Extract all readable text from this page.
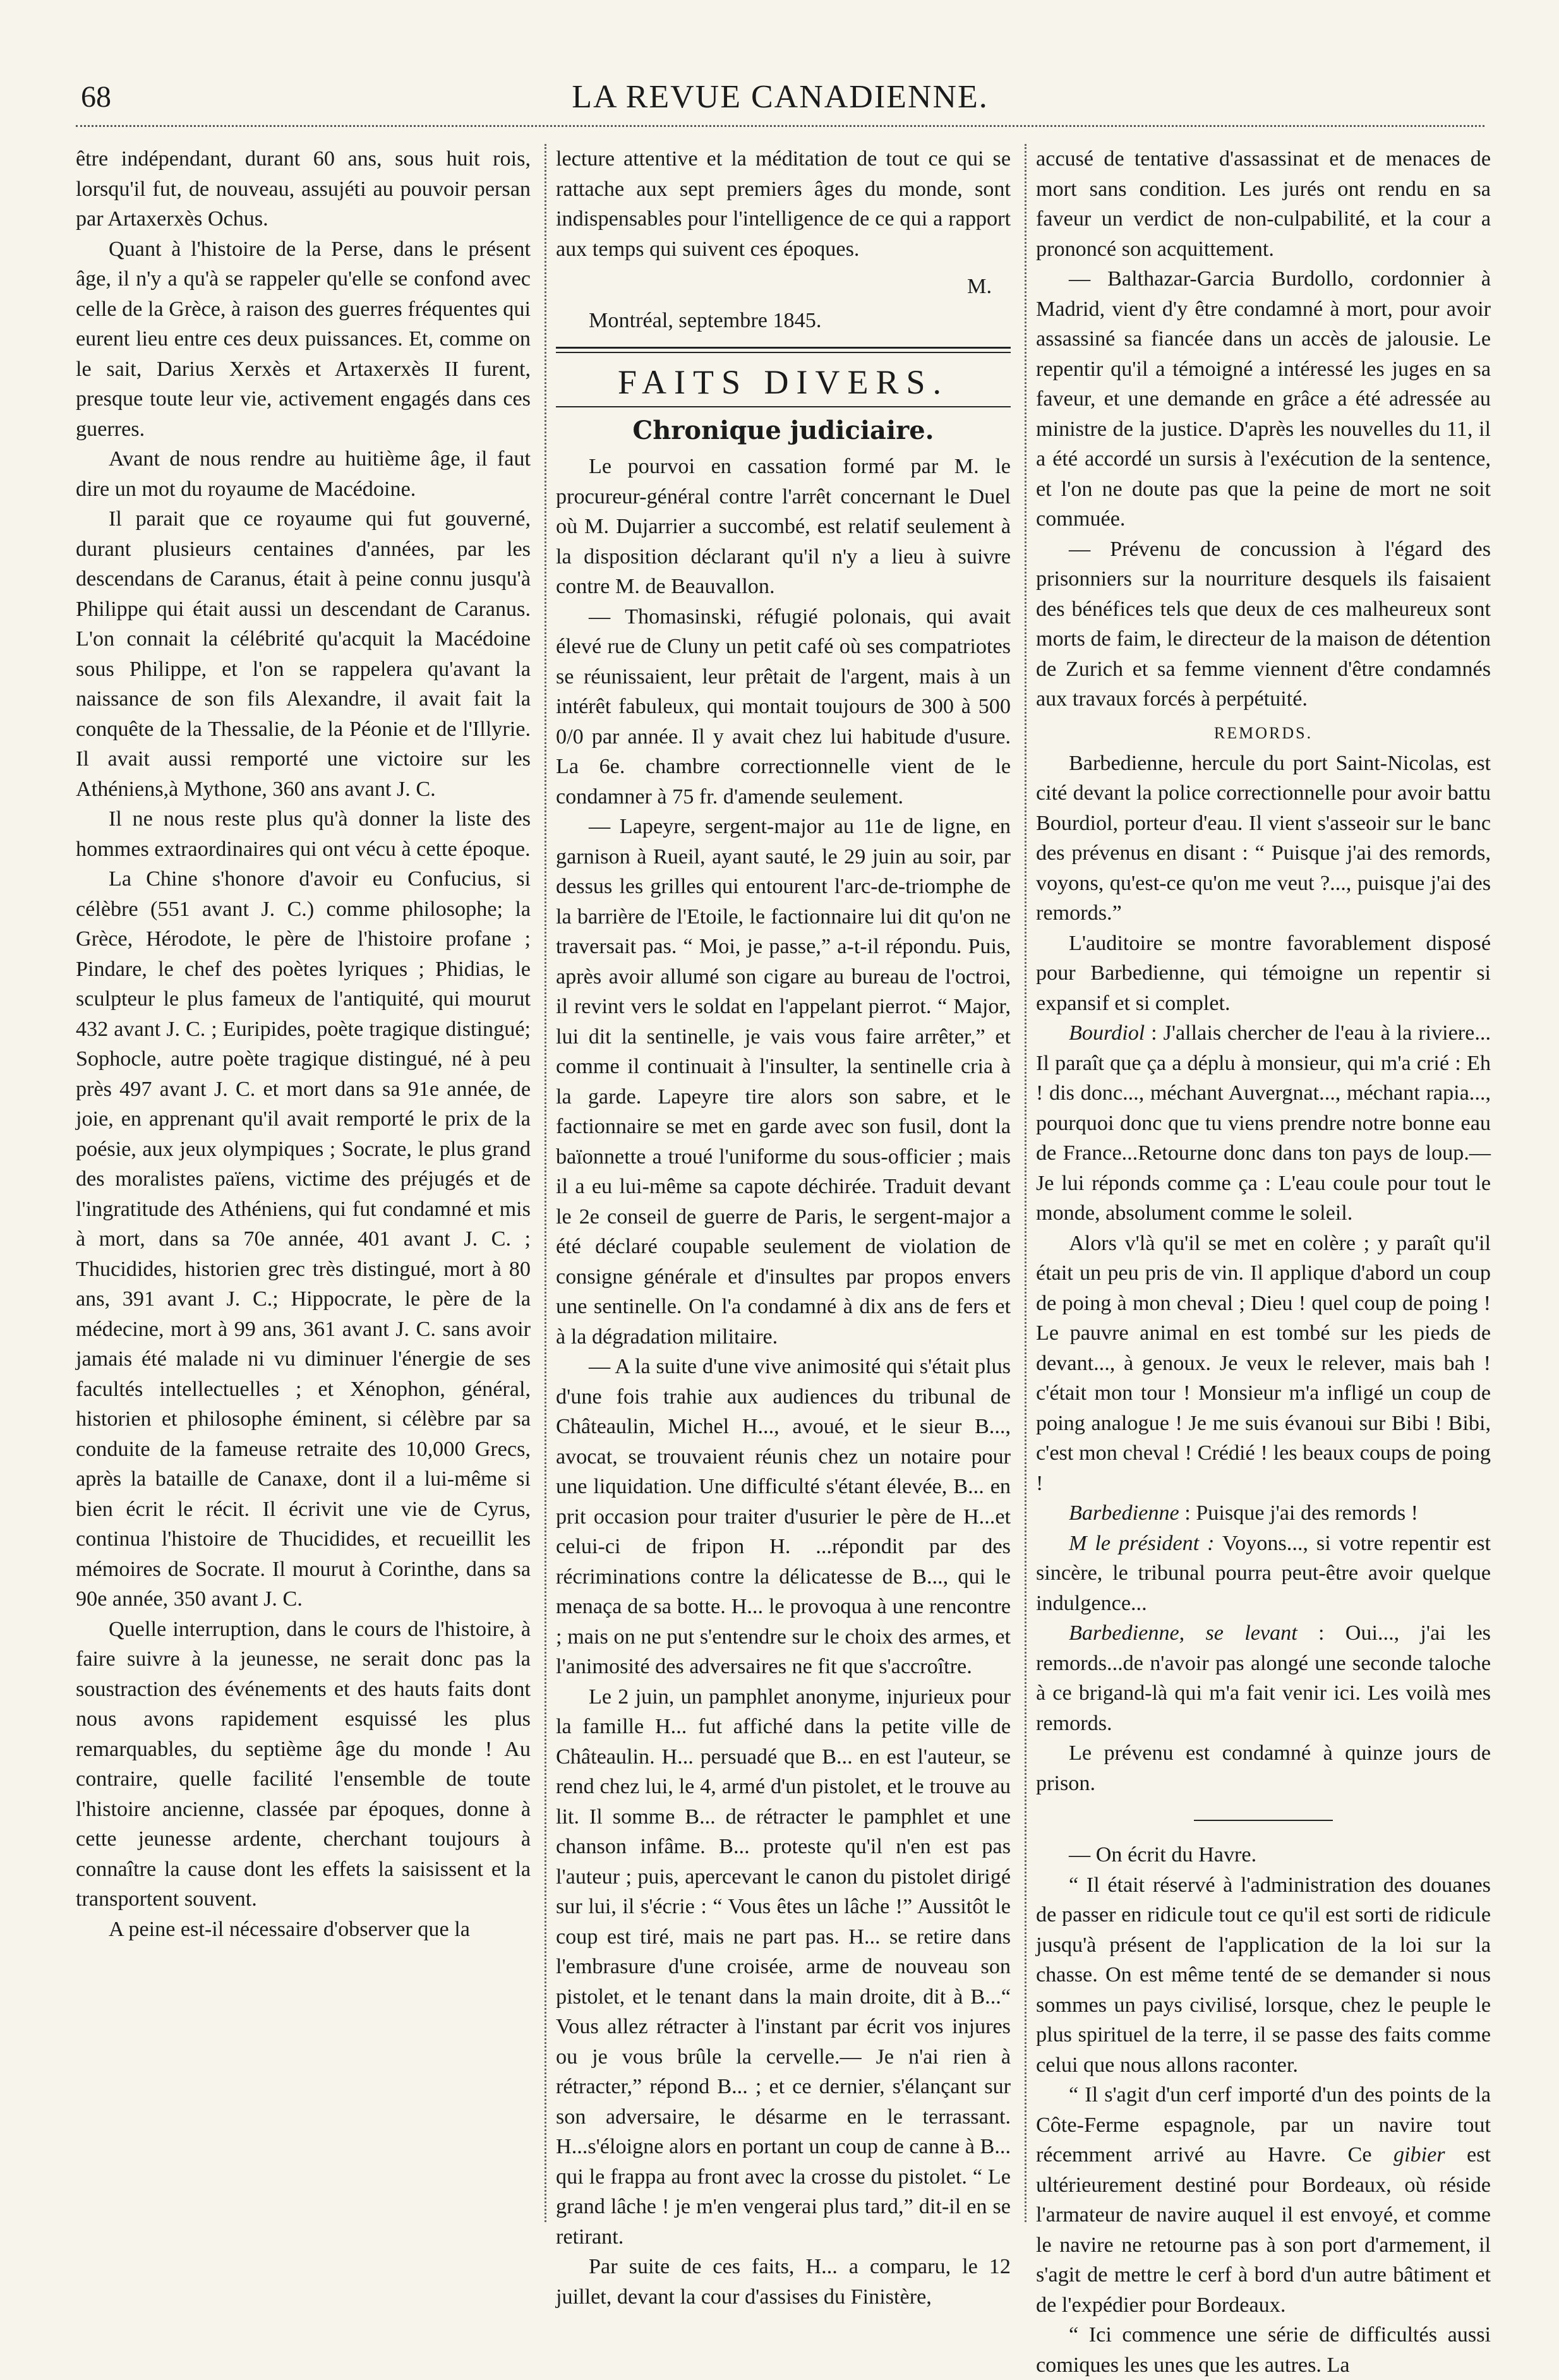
68	LA REVUE CANADIENNE.

être indépendant, durant 60 ans, sous huit rois, lorsqu'il fut, de nouveau, assujéti au pouvoir persan par Artaxerxès Ochus.

Quant à l'histoire de la Perse, dans le présent âge, il n'y a qu'à se rappeler qu'elle se confond avec celle de la Grèce, à raison des guerres fréquentes qui eurent lieu entre ces deux puissances. Et, comme on le sait, Darius Xerxès et Artaxerxès II furent, presque toute leur vie, activement engagés dans ces guerres.

Avant de nous rendre au huitième âge, il faut dire un mot du royaume de Macédoine.

Il parait que ce royaume qui fut gouverné, durant plusieurs centaines d'années, par les descendans de Caranus, était à peine connu jusqu'à Philippe qui était aussi un descendant de Caranus. L'on connait la célébrité qu'acquit la Macédoine sous Philippe, et l'on se rappelera qu'avant la naissance de son fils Alexandre, il avait fait la conquête de la Thessalie, de la Péonie et de l'Illyrie. Il avait aussi remporté une victoire sur les Athéniens,à Mythone, 360 ans avant J. C.

Il ne nous reste plus qu'à donner la liste des hommes extraordinaires qui ont vécu à cette époque.

La Chine s'honore d'avoir eu Confucius, si célèbre (551 avant J. C.) comme philosophe; la Grèce, Hérodote, le père de l'histoire profane ; Pindare, le chef des poètes lyriques ; Phidias, le sculpteur le plus fameux de l'antiquité, qui mourut 432 avant J. C. ; Euripides, poète tragique distingué; Sophocle, autre poète tragique distingué, né à peu près 497 avant J. C. et mort dans sa 91e année, de joie, en apprenant qu'il avait remporté le prix de la poésie, aux jeux olympiques ; Socrate, le plus grand des moralistes païens, victime des préjugés et de l'ingratitude des Athéniens, qui fut condamné et mis à mort, dans sa 70e année, 401 avant J. C. ; Thucidides, historien grec très distingué, mort à 80 ans, 391 avant J. C.; Hippocrate, le père de la médecine, mort à 99 ans, 361 avant J. C. sans avoir jamais été malade ni vu diminuer l'énergie de ses facultés intellectuelles ; et Xénophon, général, historien et philosophe éminent, si célèbre par sa conduite de la fameuse retraite des 10,000 Grecs, après la bataille de Canaxe, dont il a lui-même si bien écrit le récit. Il écrivit une vie de Cyrus, continua l'histoire de Thucidides, et recueillit les mémoires de Socrate. Il mourut à Corinthe, dans sa 90e année, 350 avant J. C.

Quelle interruption, dans le cours de l'histoire, à faire suivre à la jeunesse, ne serait donc pas la soustraction des événements et des hauts faits dont nous avons rapidement esquissé les plus remarquables, du septième âge du monde ! Au contraire, quelle facilité l'ensemble de toute l'histoire ancienne, classée par époques, donne à cette jeunesse ardente, cherchant toujours à connaître la cause dont les effets la saisissent et la transportent souvent.

A peine est-il nécessaire d'observer que la

lecture attentive et la méditation de tout ce qui se rattache aux sept premiers âges du monde, sont indispensables pour l'intelligence de ce qui a rapport aux temps qui suivent ces époques.

M.
Montréal, septembre 1845.
FAITS DIVERS.
Chronique judiciaire.

Le pourvoi en cassation formé par M. le procureur-général contre l'arrêt concernant le Duel où M. Dujarrier a succombé, est relatif seulement à la disposition déclarant qu'il n'y a lieu à suivre contre M. de Beauvallon.

— Thomasinski, réfugié polonais, qui avait élevé rue de Cluny un petit café où ses compatriotes se réunissaient, leur prêtait de l'argent, mais à un intérêt fabuleux, qui montait toujours de 300 à 500 0/0 par année. Il y avait chez lui habitude d'usure. La 6e. chambre correctionnelle vient de le condamner à 75 fr. d'amende seulement.

— Lapeyre, sergent-major au 11e de ligne, en garnison à Rueil, ayant sauté, le 29 juin au soir, par dessus les grilles qui entourent l'arc-de-triomphe de la barrière de l'Etoile, le factionnaire lui dit qu'on ne traversait pas. “ Moi, je passe,” a-t-il répondu. Puis, après avoir allumé son cigare au bureau de l'octroi, il revint vers le soldat en l'appelant pierrot. “ Major, lui dit la sentinelle, je vais vous faire arrêter,” et comme il continuait à l'insulter, la sentinelle cria à la garde. Lapeyre tire alors son sabre, et le factionnaire se met en garde avec son fusil, dont la baïonnette a troué l'uniforme du sous-officier ; mais il a eu lui-même sa capote déchirée. Traduit devant le 2e conseil de guerre de Paris, le sergent-major a été déclaré coupable seulement de violation de consigne générale et d'insultes par propos envers une sentinelle. On l'a condamné à dix ans de fers et à la dégradation militaire.

— A la suite d'une vive animosité qui s'était plus d'une fois trahie aux audiences du tribunal de Châteaulin, Michel H..., avoué, et le sieur B..., avocat, se trouvaient réunis chez un notaire pour une liquidation. Une difficulté s'étant élevée, B... en prit occasion pour traiter d'usurier le père de H...et celui-ci de fripon H. ...répondit par des récriminations contre la délicatesse de B..., qui le menaça de sa botte. H... le provoqua à une rencontre ; mais on ne put s'entendre sur le choix des armes, et l'animosité des adversaires ne fit que s'accroître.

Le 2 juin, un pamphlet anonyme, injurieux pour la famille H... fut affiché dans la petite ville de Châteaulin. H... persuadé que B... en est l'auteur, se rend chez lui, le 4, armé d'un pistolet, et le trouve au lit. Il somme B... de rétracter le pamphlet et une chanson infâme. B... proteste qu'il n'en est pas l'auteur ; puis, apercevant le canon du pistolet dirigé sur lui, il s'écrie : “ Vous êtes un lâche !” Aussitôt le coup est tiré, mais ne part pas. H... se retire dans l'embrasure d'une croisée, arme de nouveau son pistolet, et le tenant dans la main droite, dit à B...“ Vous allez rétracter à l'instant par écrit vos injures ou je vous brûle la cervelle.— Je n'ai rien à rétracter,” répond B... ; et ce dernier, s'élançant sur son adversaire, le désarme en le terrassant. H...s'éloigne alors en portant un coup de canne à B... qui le frappa au front avec la crosse du pistolet. “ Le grand lâche ! je m'en vengerai plus tard,” dit-il en se retirant.

Par suite de ces faits, H... a comparu, le 12 juillet, devant la cour d'assises du Finistère,

accusé de tentative d'assassinat et de menaces de mort sans condition. Les jurés ont rendu en sa faveur un verdict de non-culpabilité, et la cour a prononcé son acquittement.

— Balthazar-Garcia Burdollo, cordonnier à Madrid, vient d'y être condamné à mort, pour avoir assassiné sa fiancée dans un accès de jalousie. Le repentir qu'il a témoigné a intéressé les juges en sa faveur, et une demande en grâce a été adressée au ministre de la justice. D'après les nouvelles du 11, il a été accordé un sursis à l'exécution de la sentence, et l'on ne doute pas que la peine de mort ne soit commuée.

— Prévenu de concussion à l'égard des prisonniers sur la nourriture desquels ils faisaient des bénéfices tels que deux de ces malheureux sont morts de faim, le directeur de la maison de détention de Zurich et sa femme viennent d'être condamnés aux travaux forcés à perpétuité.

REMORDS.

Barbedienne, hercule du port Saint-Nicolas, est cité devant la police correctionnelle pour avoir battu Bourdiol, porteur d'eau. Il vient s'asseoir sur le banc des prévenus en disant : “ Puisque j'ai des remords, voyons, qu'est-ce qu'on me veut ?..., puisque j'ai des remords.”

L'auditoire se montre favorablement disposé pour Barbedienne, qui témoigne un repentir si expansif et si complet.

Bourdiol : J'allais chercher de l'eau à la riviere... Il paraît que ça a déplu à monsieur, qui m'a crié : Eh ! dis donc..., méchant Auvergnat..., méchant rapia..., pourquoi donc que tu viens prendre notre bonne eau de France...Retourne donc dans ton pays de loup.—Je lui réponds comme ça : L'eau coule pour tout le monde, absolument comme le soleil.

Alors v'là qu'il se met en colère ; y paraît qu'il était un peu pris de vin. Il applique d'abord un coup de poing à mon cheval ; Dieu ! quel coup de poing ! Le pauvre animal en est tombé sur les pieds de devant..., à genoux. Je veux le relever, mais bah ! c'était mon tour ! Monsieur m'a infligé un coup de poing analogue ! Je me suis évanoui sur Bibi ! Bibi, c'est mon cheval ! Crédié ! les beaux coups de poing !

Barbedienne : Puisque j'ai des remords !

M le président : Voyons..., si votre repentir est sincère, le tribunal pourra peut-être avoir quelque indulgence...

Barbedienne, se levant : Oui..., j'ai les remords...de n'avoir pas alongé une seconde taloche à ce brigand-là qui m'a fait venir ici. Les voilà mes remords.

Le prévenu est condamné à quinze jours de prison.

— On écrit du Havre.

“ Il était réservé à l'administration des douanes de passer en ridicule tout ce qu'il est sorti de ridicule jusqu'à présent de l'application de la loi sur la chasse. On est même tenté de se demander si nous sommes un pays civilisé, lorsque, chez le peuple le plus spirituel de la terre, il se passe des faits comme celui que nous allons raconter.

“ Il s'agit d'un cerf importé d'un des points de la Côte-Ferme espagnole, par un navire tout récemment arrivé au Havre. Ce gibier est ultérieurement destiné pour Bordeaux, où réside l'armateur de navire auquel il est envoyé, et comme le navire ne retourne pas à son port d'armement, il s'agit de mettre le cerf à bord d'un autre bâtiment et de l'expédier pour Bordeaux.

“ Ici commence une série de difficultés aussi comiques les unes que les autres. La
